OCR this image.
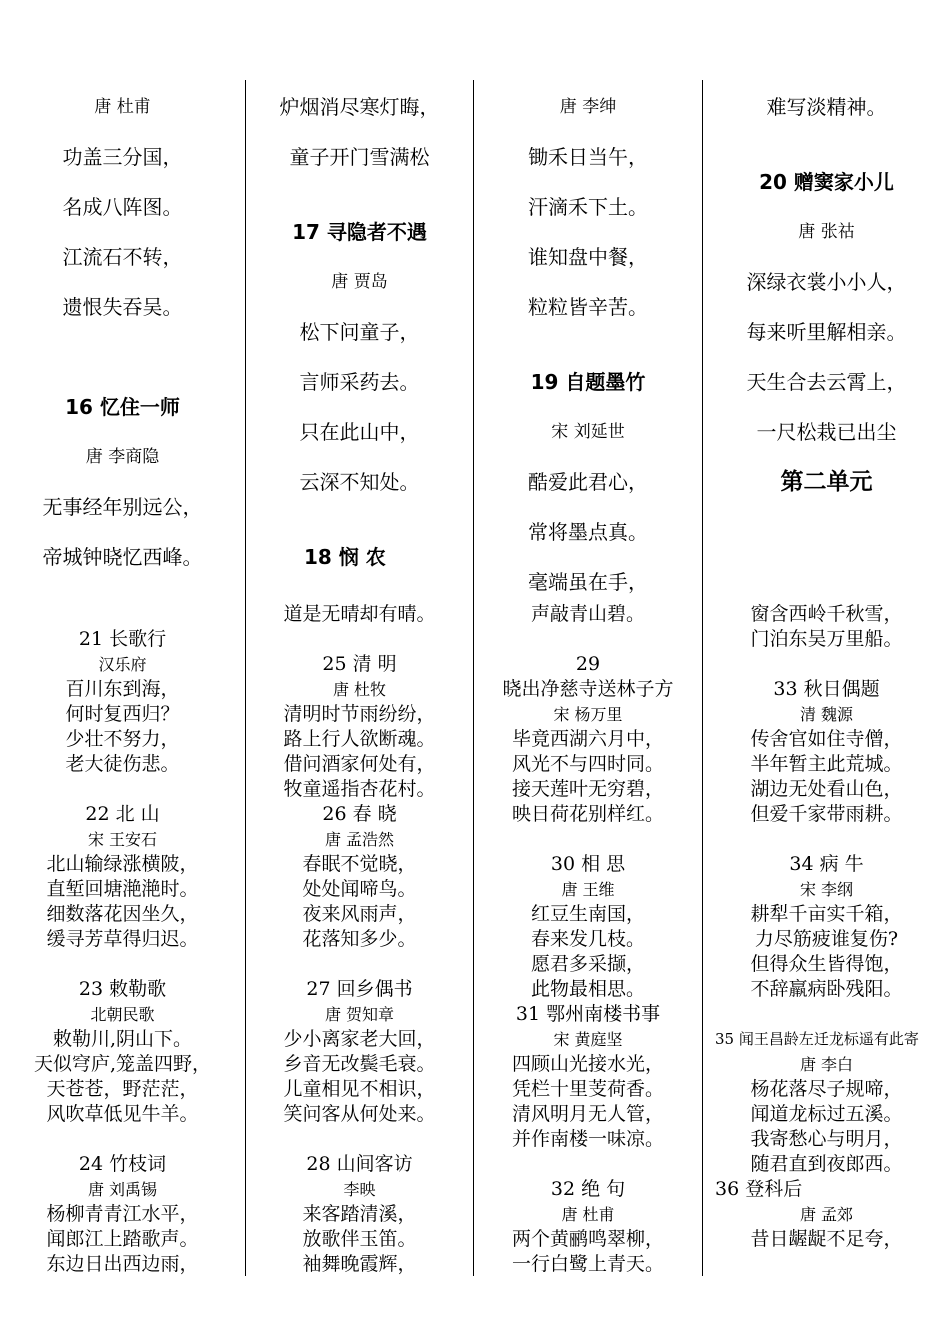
唐 杜甫
功盖三分国，
名成八阵图。
江流石不转，
遗恨失吞吴。
16 忆住一师
唐 李商隐
无事经年别远公，
帝城钟晓忆西峰。
炉烟消尽寒灯晦，
童子开门雪满松
17 寻隐者不遇
唐 贾岛
松下问童子，
言师采药去。
只在此山中，
云深不知处。
18 悯 农
唐 李绅
锄禾日当午，
汗滴禾下土。
谁知盘中餐，
粒粒皆辛苦。
19 自题墨竹
宋 刘延世
酷爱此君心，
常将墨点真。
毫端虽在手，
难写淡精神。
20 赠窦家小儿
唐 张祜
深绿衣裳小小人，
每来听里解相亲。
天生合去云霄上，
一尺松栽已出尘
第二单元
21 长歌行
汉乐府
百川东到海，
何时复西归？
少壮不努力，
老大徒伤悲。
22 北 山
宋 王安石
北山输绿涨横陂，
直堑回塘滟滟时。
细数落花因坐久，
缓寻芳草得归迟。
23 敕勒歌
北朝民歌
敕勒川,阴山下。
天似穹庐,笼盖四野，
天苍苍，野茫茫，
风吹草低见牛羊。
24 竹枝词
唐 刘禹锡
杨柳青青江水平，
闻郎江上踏歌声。
东边日出西边雨，
道是无晴却有晴。
25 清 明
唐 杜牧
清明时节雨纷纷，
路上行人欲断魂。
借问酒家何处有，
牧童遥指杏花村。
26 春 晓
唐 孟浩然
春眠不觉晓，
处处闻啼鸟。
夜来风雨声，
花落知多少。
27 回乡偶书
唐 贺知章
少小离家老大回，
乡音无改鬓毛衰。
儿童相见不相识，
笑问客从何处来。
28 山间客访
李映
来客踏清溪，
放歌伴玉笛。
袖舞晚霞辉，
声敲青山碧。
29
晓出净慈寺送林子方
宋 杨万里
毕竟西湖六月中，
风光不与四时同。
接天莲叶无穷碧，
映日荷花别样红。
30 相 思
唐 王维
红豆生南国，
春来发几枝。
愿君多采撷，
此物最相思。
31 鄂州南楼书事
宋 黄庭坚
四顾山光接水光，
凭栏十里芰荷香。
清风明月无人管，
并作南楼一味凉。
32 绝 句
唐 杜甫
两个黄鹂鸣翠柳，
一行白鹭上青天。
窗含西岭千秋雪，
门泊东吴万里船。
33 秋日偶题
清 魏源
传舍官如住寺僧，
半年暂主此荒城。
湖边无处看山色，
但爱千家带雨耕。
34 病 牛
宋 李纲
耕犁千亩实千箱，
力尽筋疲谁复伤?
但得众生皆得饱，
不辞羸病卧残阳。
35 闻王昌龄左迁龙标遥有此寄
唐 李白
杨花落尽子规啼，
闻道龙标过五溪。
我寄愁心与明月，
随君直到夜郎西。
36 登科后
唐 孟郊
昔日龌龊不足夸，
